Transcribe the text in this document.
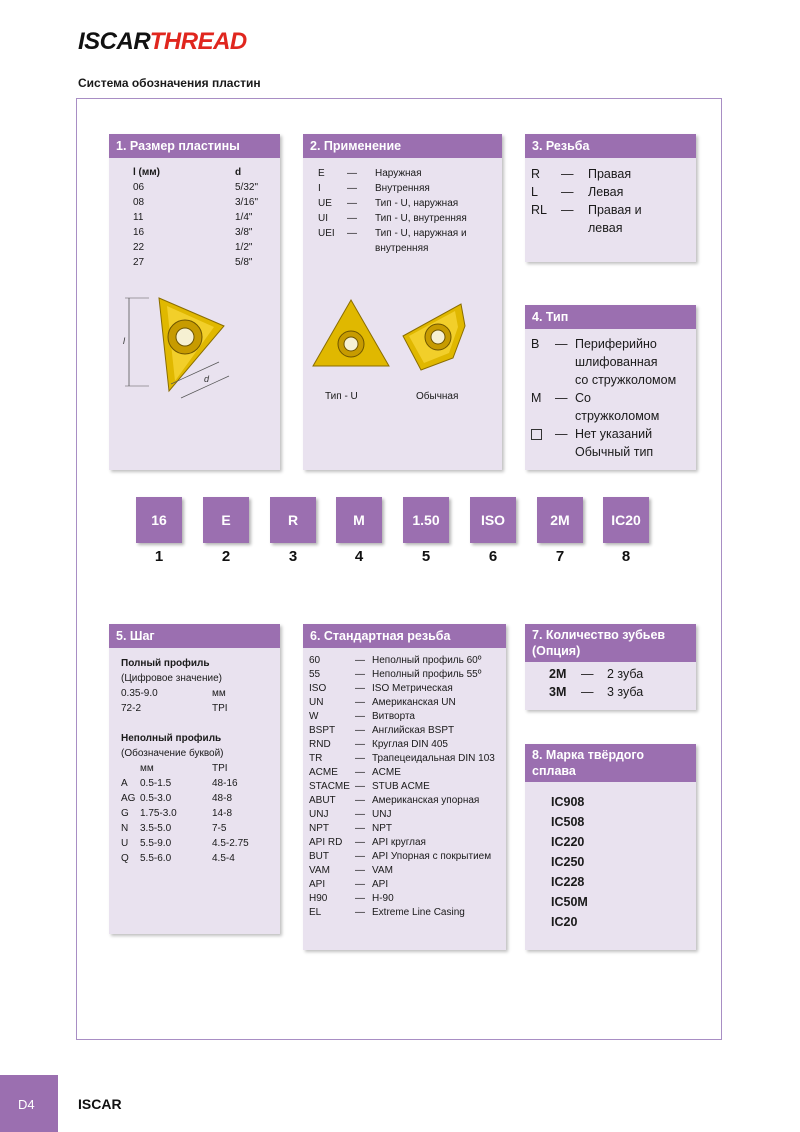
ISCARTHREAD
Система обозначения пластин
1. Размер пластины
l (мм)	d
06	5/32"
08	3/16"
11	1/4"
16	3/8"
22	1/2"
27	5/8"
l
d
2. Применение
E — Наружная
I	— Внутренняя
UE — Тип - U, наружная
UI — Тип - U, внутренняя
UEI — Тип - U, наружная и
внутренняя
Тип - U	Обычная
3. Резьба
R — Правая
L — Левая
RL — Правая и
левая
4. Тип
B — Периферийно
шлифованная
со стружколомом
M — Со
стружколомом
— Нет указаний
Обычный тип
16
1
E
2
R
3
M
4
1.50
5
ISO
6
2M
7
IC20
8
5. Шаг
Полный профиль
(Цифровое значение)
0.35-9.0	мм
72-2	TPI
Неполный профиль
(Обозначение буквой)
мм	TPI
A 0.5-1.5	48-16
AG 0.5-3.0	48-8
G 1.75-3.0	14-8
N 3.5-5.0	7-5
U 5.5-9.0	4.5-2.75
Q 5.5-6.0	4.5-4
6. Стандартная резьба
60	— Неполный профиль 60º
55	— Неполный профиль 55º
ISO	— ISO Метрическая
UN	— Американская UN
W	— Витворта
BSPT — Английская BSPT
RND — Круглая DIN 405
TR	— Трапецеидальная DIN 103
ACME — ACME
STACME — STUB ACME
ABUT — Американская упорная
UNJ	— UNJ
NPT	— NPT
API RD — API круглая
BUT	— API Упорная с покрытием
VAM	— VAM
API	— API
H90	— H-90
EL	— Extreme Line Casing
7. Количество зубьев
(Опция)
2M — 2 зуба
3M — 3 зуба
8. Марка твёрдого
сплава
IC908
IC508
IC220
IC250
IC228
IC50M
IC20
D4	ISCAR
